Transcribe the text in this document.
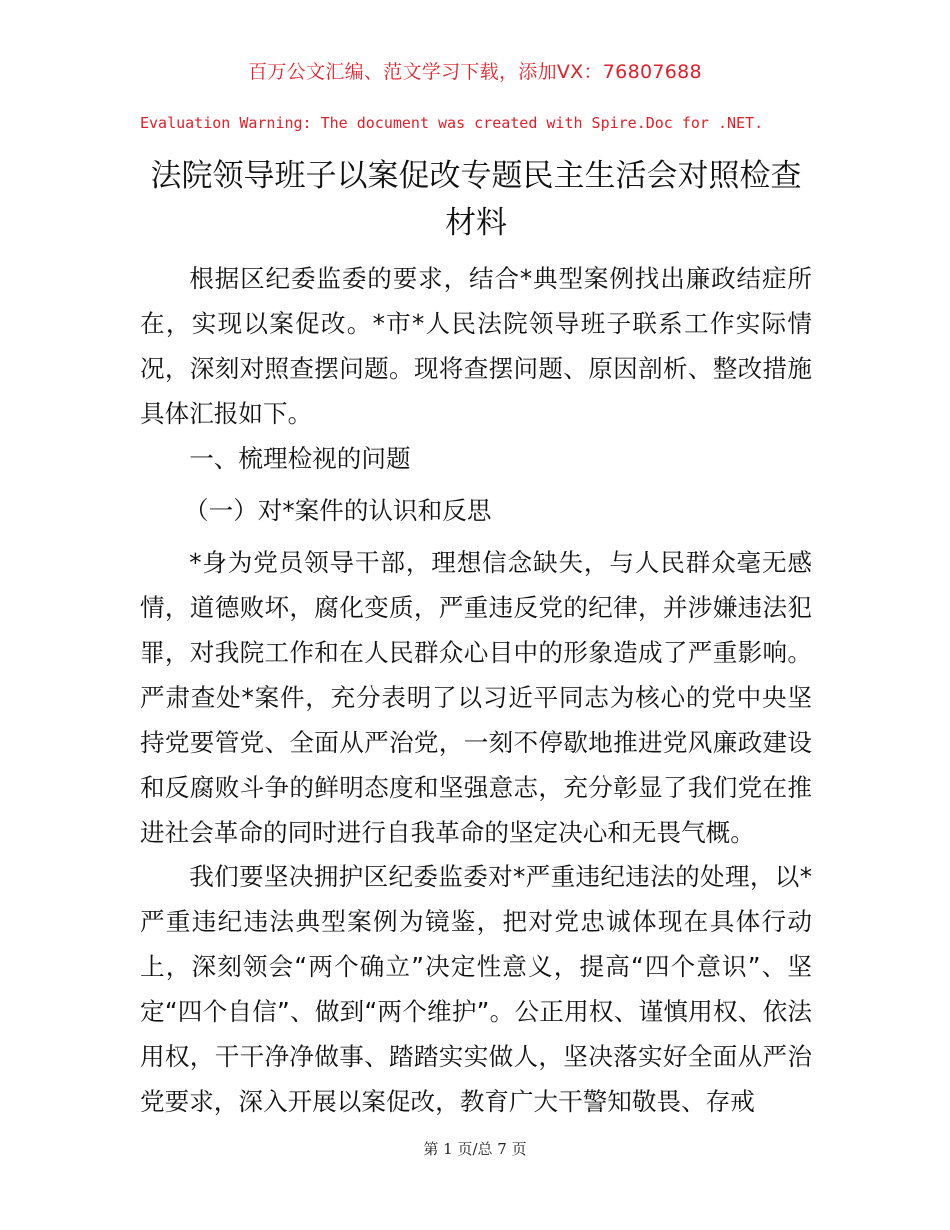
百万公文汇编、范文学习下载，添加VX：76807688
Evaluation Warning: The document was created with Spire.Doc for .NET.
法院领导班子以案促改专题民主生活会对照检查材料

根据区纪委监委的要求，结合*典型案例找出廉政结症所在，实现以案促改。*市*人民法院领导班子联系工作实际情况，深刻对照查摆问题。现将查摆问题、原因剖析、整改措施具体汇报如下。

一、梳理检视的问题

（一）对*案件的认识和反思

*身为党员领导干部，理想信念缺失，与人民群众毫无感情，道德败坏，腐化变质，严重违反党的纪律，并涉嫌违法犯罪，对我院工作和在人民群众心目中的形象造成了严重影响。严肃查处*案件，充分表明了以习近平同志为核心的党中央坚持党要管党、全面从严治党，一刻不停歇地推进党风廉政建设和反腐败斗争的鲜明态度和坚强意志，充分彰显了我们党在推进社会革命的同时进行自我革命的坚定决心和无畏气概。

我们要坚决拥护区纪委监委对*严重违纪违法的处理，以*严重违纪违法典型案例为镜鉴，把对党忠诚体现在具体行动上，深刻领会“两个确立”决定性意义，提高“四个意识”、坚定“四个自信”、做到“两个维护”。公正用权、谨慎用权、依法用权，干干净净做事、踏踏实实做人，坚决落实好全面从严治党要求，深入开展以案促改，教育广大干警知敬畏、存戒

第 1 页/总 7 页
